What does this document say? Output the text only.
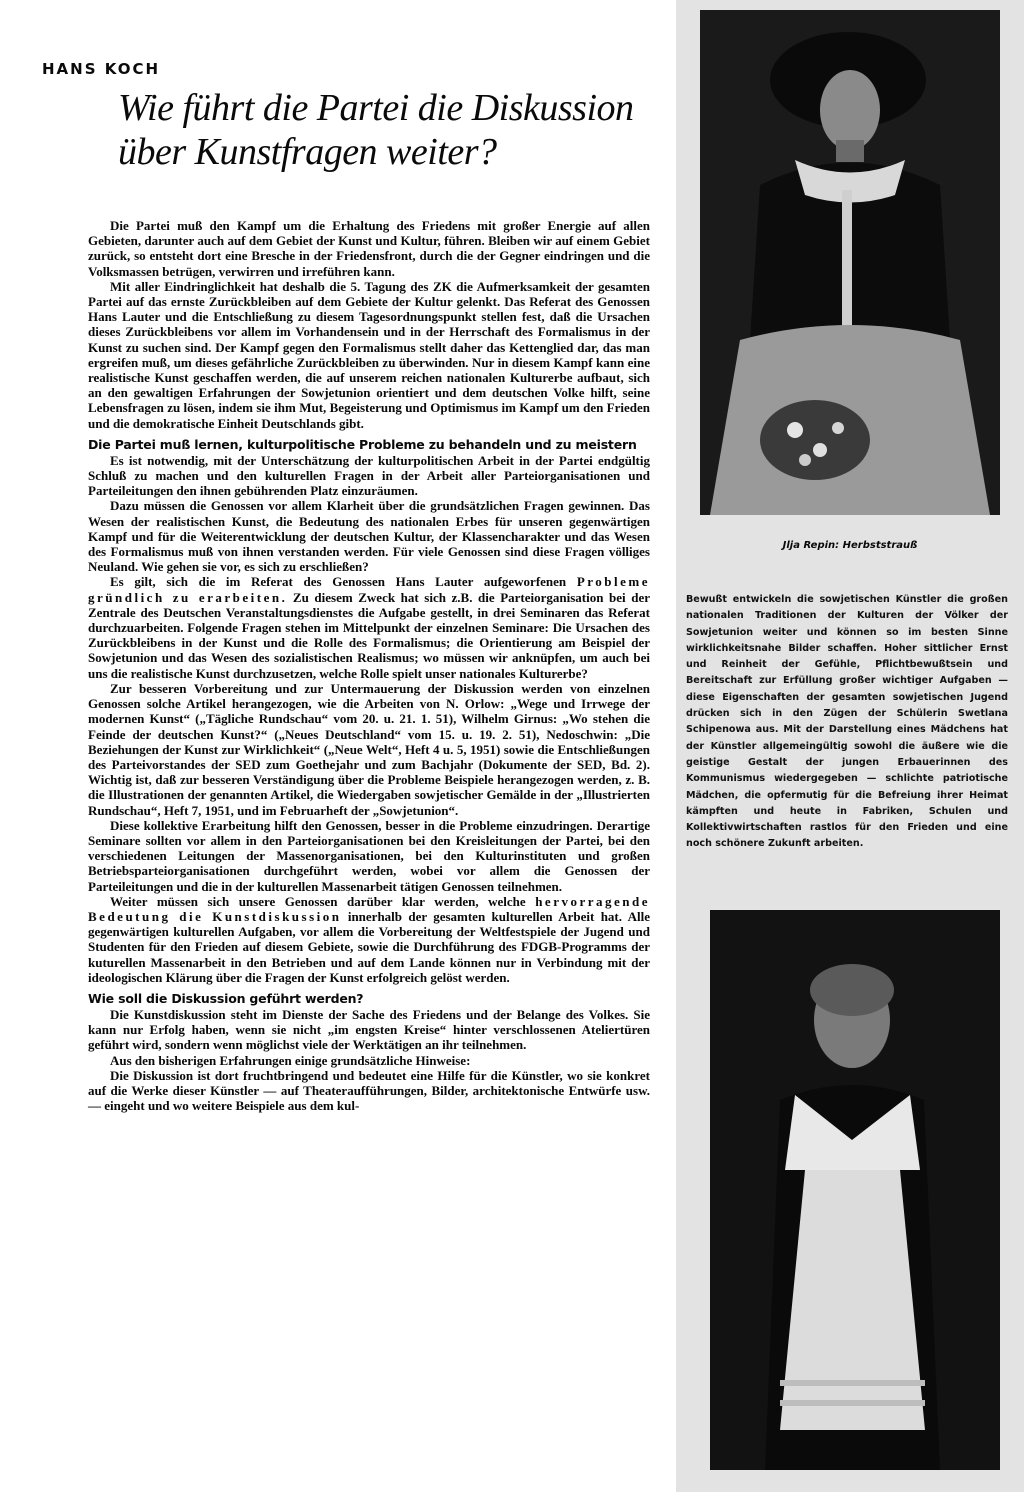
HANS KOCH
Wie führt die Partei die Diskussion
über Kunstfragen weiter?

Die Partei muß den Kampf um die Erhaltung des Friedens mit großer Energie auf allen Gebieten, darunter auch auf dem Gebiet der Kunst und Kultur, führen. Bleiben wir auf einem Gebiet zurück, so entsteht dort eine Bresche in der Friedensfront, durch die der Gegner eindringen und die Volksmassen betrügen, verwirren und irreführen kann.

Mit aller Eindringlichkeit hat deshalb die 5. Tagung des ZK die Aufmerksamkeit der gesamten Partei auf das ernste Zurückbleiben auf dem Gebiete der Kultur gelenkt. Das Referat des Genossen Hans Lauter und die Entschließung zu diesem Tagesordnungspunkt stellen fest, daß die Ursachen dieses Zurückbleibens vor allem im Vorhandensein und in der Herrschaft des Formalismus in der Kunst zu suchen sind. Der Kampf gegen den Formalismus stellt daher das Kettenglied dar, das man ergreifen muß, um dieses gefährliche Zurückbleiben zu überwinden. Nur in diesem Kampf kann eine realistische Kunst geschaffen werden, die auf unserem reichen nationalen Kulturerbe aufbaut, sich an den gewaltigen Erfahrungen der Sowjetunion orientiert und dem deutschen Volke hilft, seine Lebensfragen zu lösen, indem sie ihm Mut, Begeisterung und Optimismus im Kampf um den Frieden und die demokratische Einheit Deutschlands gibt.

Die Partei muß lernen, kulturpolitische Probleme zu behandeln und zu meistern

Es ist notwendig, mit der Unterschätzung der kulturpolitischen Arbeit in der Partei endgültig Schluß zu machen und den kulturellen Fragen in der Arbeit aller Parteiorganisationen und Parteileitungen den ihnen gebührenden Platz einzuräumen.

Dazu müssen die Genossen vor allem Klarheit über die grundsätzlichen Fragen gewinnen. Das Wesen der realistischen Kunst, die Bedeutung des nationalen Erbes für unseren gegenwärtigen Kampf und für die Weiterentwicklung der deutschen Kultur, der Klassencharakter und das Wesen des Formalismus muß von ihnen verstanden werden. Für viele Genossen sind diese Fragen völliges Neuland. Wie gehen sie vor, es sich zu erschließen?

Es gilt, sich die im Referat des Genossen Hans Lauter aufgeworfenen Probleme gründlich zu erarbeiten. Zu diesem Zweck hat sich z.B. die Parteiorganisation bei der Zentrale des Deutschen Veranstaltungsdienstes die Aufgabe gestellt, in drei Seminaren das Referat durchzuarbeiten. Folgende Fragen stehen im Mittelpunkt der einzelnen Seminare: Die Ursachen des Zurückbleibens in der Kunst und die Rolle des Formalismus; die Orientierung am Beispiel der Sowjetunion und das Wesen des sozialistischen Realismus; wo müssen wir anknüpfen, um auch bei uns die realistische Kunst durchzusetzen, welche Rolle spielt unser nationales Kulturerbe?

Zur besseren Vorbereitung und zur Untermauerung der Diskussion werden von einzelnen Genossen solche Artikel herangezogen, wie die Arbeiten von N. Orlow: „Wege und Irrwege der modernen Kunst“ („Tägliche Rundschau“ vom 20. u. 21. 1. 51), Wilhelm Girnus: „Wo stehen die Feinde der deutschen Kunst?“ („Neues Deutschland“ vom 15. u. 19. 2. 51), Nedoschwin: „Die Beziehungen der Kunst zur Wirklichkeit“ („Neue Welt“, Heft 4 u. 5, 1951) sowie die Entschließungen des Parteivorstandes der SED zum Goethejahr und zum Bachjahr (Dokumente der SED, Bd. 2). Wichtig ist, daß zur besseren Verständigung über die Probleme Beispiele herangezogen werden, z. B. die Illustrationen der genannten Artikel, die Wiedergaben sowjetischer Gemälde in der „Illustrierten Rundschau“, Heft 7, 1951, und im Februarheft der „Sowjetunion“.

Diese kollektive Erarbeitung hilft den Genossen, besser in die Probleme einzudringen. Derartige Seminare sollten vor allem in den Parteiorganisationen bei den Kreisleitungen der Partei, bei den verschiedenen Leitungen der Massenorganisationen, bei den Kulturinstituten und großen Betriebsparteiorganisationen durchgeführt werden, wobei vor allem die Genossen der Parteileitungen und die in der kulturellen Massenarbeit tätigen Genossen teilnehmen.

Weiter müssen sich unsere Genossen darüber klar werden, welche hervorragende Bedeutung die Kunstdiskussion innerhalb der gesamten kulturellen Arbeit hat. Alle gegenwärtigen kulturellen Aufgaben, vor allem die Vorbereitung der Weltfestspiele der Jugend und Studenten für den Frieden auf diesem Gebiete, sowie die Durchführung des FDGB-Programms der kuturellen Massenarbeit in den Betrieben und auf dem Lande können nur in Verbindung mit der ideologischen Klärung über die Fragen der Kunst erfolgreich gelöst werden.

Wie soll die Diskussion geführt werden?

Die Kunstdiskussion steht im Dienste der Sache des Friedens und der Belange des Volkes. Sie kann nur Erfolg haben, wenn sie nicht „im engsten Kreise“ hinter verschlossenen Ateliertüren geführt wird, sondern wenn möglichst viele der Werktätigen an ihr teilnehmen.

Aus den bisherigen Erfahrungen einige grundsätzliche Hinweise:

Die Diskussion ist dort fruchtbringend und bedeutet eine Hilfe für die Künstler, wo sie konkret auf die Werke dieser Künstler — auf Theateraufführungen, Bilder, architektonische Entwürfe usw. — eingeht und wo weitere Beispiele aus dem kul-

Jlja Repin: Herbststrauß
Bewußt entwickeln die sowjetischen Künstler die großen nationalen Traditionen der Kulturen der Völker der Sowjetunion weiter und können so im besten Sinne wirklichkeitsnahe Bilder schaffen. Hoher sittlicher Ernst und Reinheit der Gefühle, Pflichtbewußtsein und Bereitschaft zur Erfüllung großer wichtiger Aufgaben — diese Eigenschaften der gesamten sowjetischen Jugend drücken sich in den Zügen der Schülerin Swetlana Schipenowa aus. Mit der Darstellung eines Mädchens hat der Künstler allgemeingültig sowohl die äußere wie die geistige Gestalt der jungen Erbauerinnen des Kommunismus wiedergegeben — schlichte patriotische Mädchen, die opfermutig für die Befreiung ihrer Heimat kämpften und heute in Fabriken, Schulen und Kollektivwirtschaften rastlos für den Frieden und eine noch schönere Zukunft arbeiten.
